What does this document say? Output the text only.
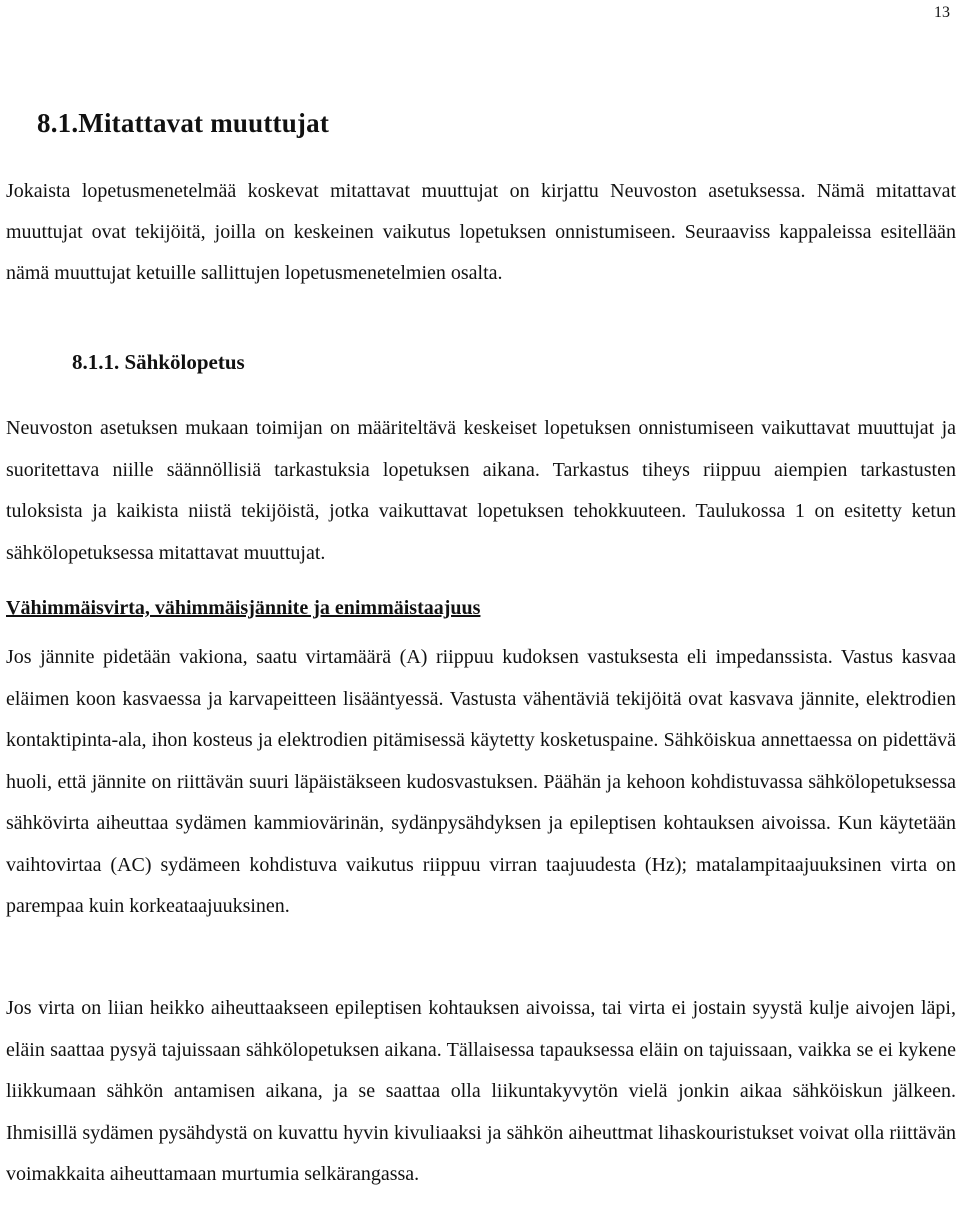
13
8.1.Mitattavat muuttujat

Jokaista lopetusmenetelmää koskevat mitattavat muuttujat on kirjattu Neuvoston asetuksessa. Nämä mitattavat muuttujat ovat tekijöitä, joilla on keskeinen vaikutus lopetuksen onnistumiseen. Seuraaviss kappaleissa esitellään nämä muuttujat ketuille sallittujen lopetusmenetelmien osalta.

8.1.1. Sähkölopetus

Neuvoston asetuksen mukaan toimijan on määriteltävä keskeiset lopetuksen onnistumiseen vaikuttavat muuttujat ja suoritettava niille säännöllisiä tarkastuksia lopetuksen aikana. Tarkastus tiheys riippuu aiempien tarkastusten tuloksista ja kaikista niistä tekijöistä, jotka vaikuttavat lopetuksen tehokkuuteen. Taulukossa 1 on esitetty ketun sähkölopetuksessa mitattavat muuttujat.

Vähimmäisvirta, vähimmäisjännite ja enimmäistaajuus

Jos jännite pidetään vakiona, saatu virtamäärä (A) riippuu kudoksen vastuksesta eli impedanssista. Vastus kasvaa eläimen koon kasvaessa ja karvapeitteen lisääntyessä. Vastusta vähentäviä tekijöitä ovat kasvava jännite, elektrodien kontaktipinta-ala, ihon kosteus ja elektrodien pitämisessä käytetty kosketuspaine. Sähköiskua annettaessa on pidettävä huoli, että jännite on riittävän suuri läpäistäkseen kudosvastuksen. Päähän ja kehoon kohdistuvassa sähkölopetuksessa sähkövirta aiheuttaa sydämen kammiovärinän, sydänpysähdyksen ja epileptisen kohtauksen aivoissa. Kun käytetään vaihtovirtaa (AC) sydämeen kohdistuva vaikutus riippuu virran taajuudesta (Hz); matalampitaajuuksinen virta on parempaa kuin korkeataajuuksinen.

Jos virta on liian heikko aiheuttaakseen epileptisen kohtauksen aivoissa, tai virta ei jostain syystä kulje aivojen läpi, eläin saattaa pysyä tajuissaan sähkölopetuksen aikana. Tällaisessa tapauksessa eläin on tajuissaan, vaikka se ei kykene liikkumaan sähkön antamisen aikana, ja se saattaa olla liikuntakyvytön vielä jonkin aikaa sähköiskun jälkeen. Ihmisillä sydämen pysähdystä on kuvattu hyvin kivuliaaksi ja sähkön aiheuttmat lihaskouristukset voivat olla riittävän voimakkaita aiheuttamaan murtumia selkärangassa.
